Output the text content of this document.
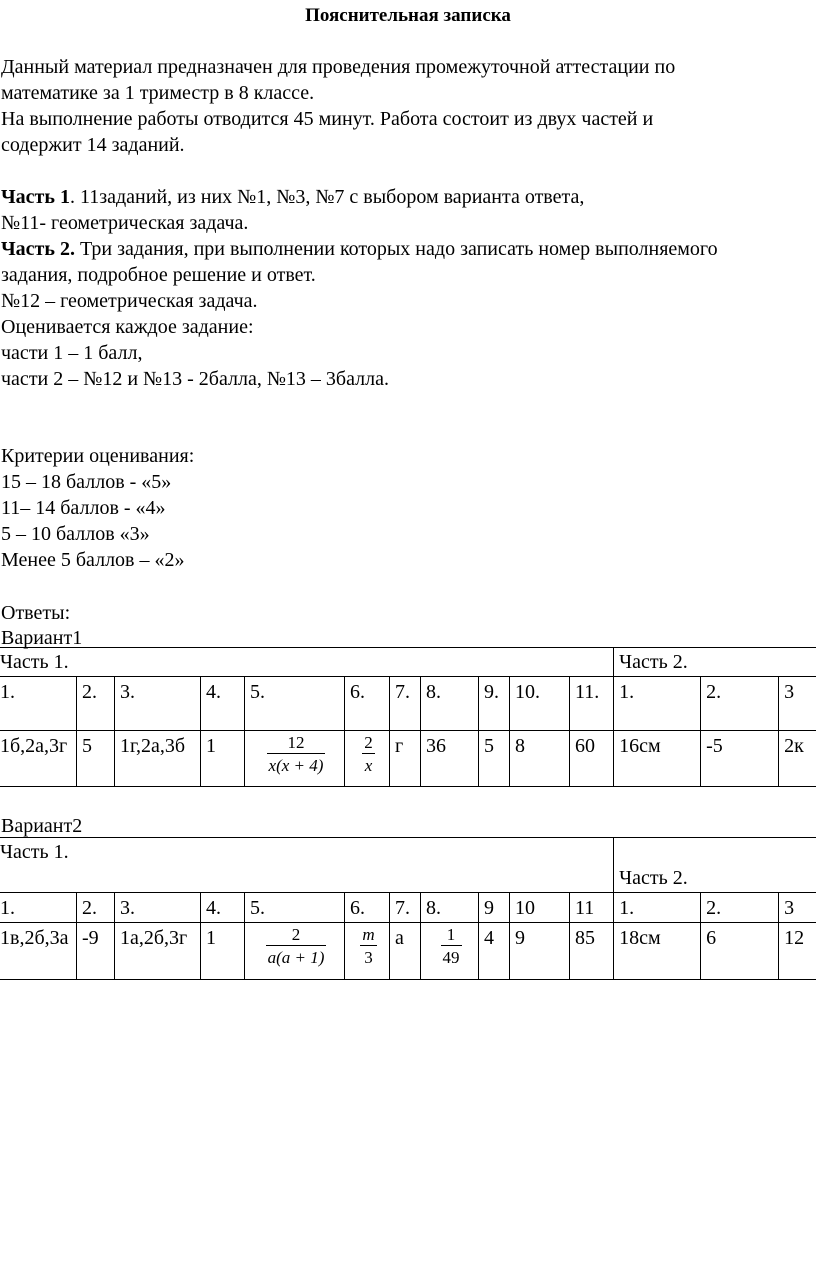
Пояснительная записка
Данный материал предназначен для проведения промежуточной аттестации по
математике за 1 триместр в 8 классе.
На выполнение работы отводится 45 минут. Работа состоит из двух частей и
содержит 14 заданий.
Часть 1. 11заданий, из них №1, №3, №7 с выбором варианта ответа,
№11- геометрическая задача.
Часть 2. Три задания, при выполнении которых надо записать номер выполняемого
задания, подробное решение и ответ.
№12 – геометрическая задача.
Оценивается каждое задание:
части 1 – 1 балл,
части 2 – №12 и №13 - 2балла, №13 – 3балла.
Критерии оценивания:
15 – 18 баллов - «5»
11– 14 баллов - «4»
5 – 10 баллов «3»
Менее 5 баллов – «2»
Ответы:
Вариант1
Часть 1.											Часть 2.		
1.	2.	3.	4.	5.	6.	7.	8.	9.	10.	11.	1.	2.	3
1б,2а,3г	5	1г,2а,3б	1	$\frac{12}{x(x + 4)}$	$\frac{2}{x}$	г	36	5	8	60	16см	-5	2к
Вариант2
Часть 1.											Часть 2.		
1.	2.	3.	4.	5.	6.	7.	8.	9	10	11	1.	2.	3
1в,2б,3а	-9	1а,2б,3г	1	$\frac{2}{a(a + 1)}$	$\frac{m}{3}$	а	$\frac{1}{49}$	4	9	85	18см	6	12
